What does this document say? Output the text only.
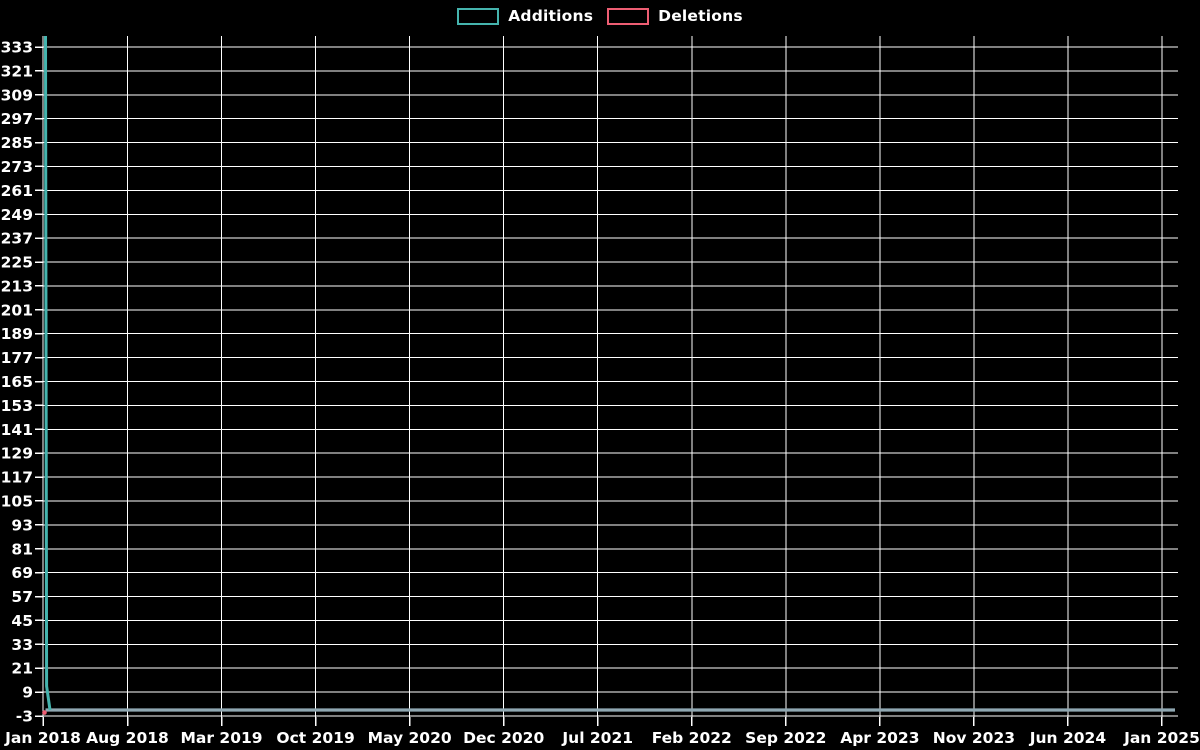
Jan 2018 Aug 2018 Mar 2019 Oct 2019 May 2020 Dec 2020 Jul 2021 Feb 2022 Sep 2022 Apr 2023 Nov 2023 Jun 2024 Jan 2025
333
321
309
297
285
273
261
249
237
225
213
201
189
177
165
153
141
129
117
105
93
81
69
57
45
33
21
9
-3
Additions	Deletions
